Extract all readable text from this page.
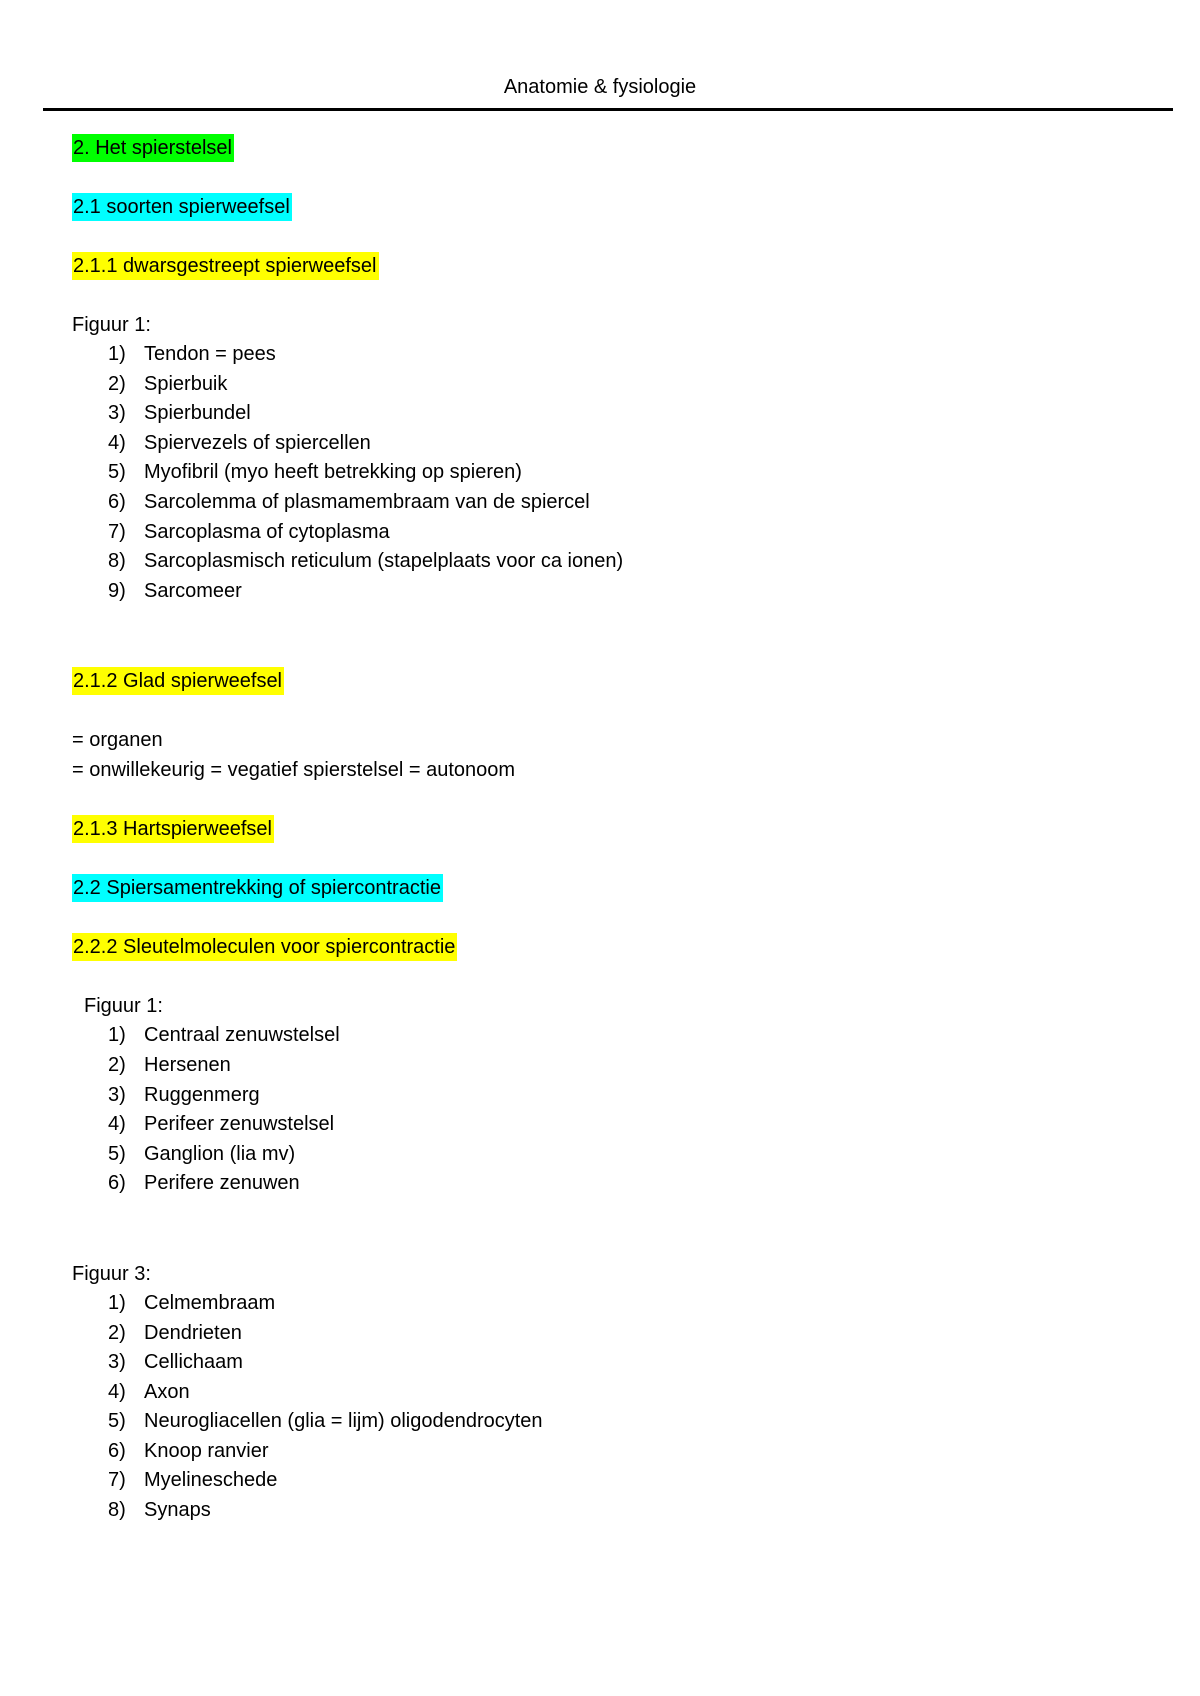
Anatomie & fysiologie
2. Het spierstelsel
2.1 soorten spierweefsel
2.1.1 dwarsgestreept spierweefsel
Figuur 1:
1) Tendon = pees
2) Spierbuik
3) Spierbundel
4) Spiervezels of spiercellen
5) Myofibril (myo heeft betrekking op spieren)
6) Sarcolemma of plasmamembraam van de spiercel
7) Sarcoplasma of cytoplasma
8) Sarcoplasmisch reticulum (stapelplaats voor ca ionen)
9) Sarcomeer
2.1.2 Glad spierweefsel
= organen
= onwillekeurig = vegatief spierstelsel = autonoom
2.1.3 Hartspierweefsel
2.2 Spiersamentrekking of spiercontractie
2.2.2 Sleutelmoleculen voor spiercontractie
Figuur 1:
1) Centraal zenuwstelsel
2) Hersenen
3) Ruggenmerg
4) Perifeer zenuwstelsel
5) Ganglion (lia mv)
6) Perifere zenuwen
Figuur 3:
1) Celmembraam
2) Dendrieten
3) Cellichaam
4) Axon
5) Neurogliacellen (glia = lijm) oligodendrocyten
6) Knoop ranvier
7) Myelineschede
8) Synaps
